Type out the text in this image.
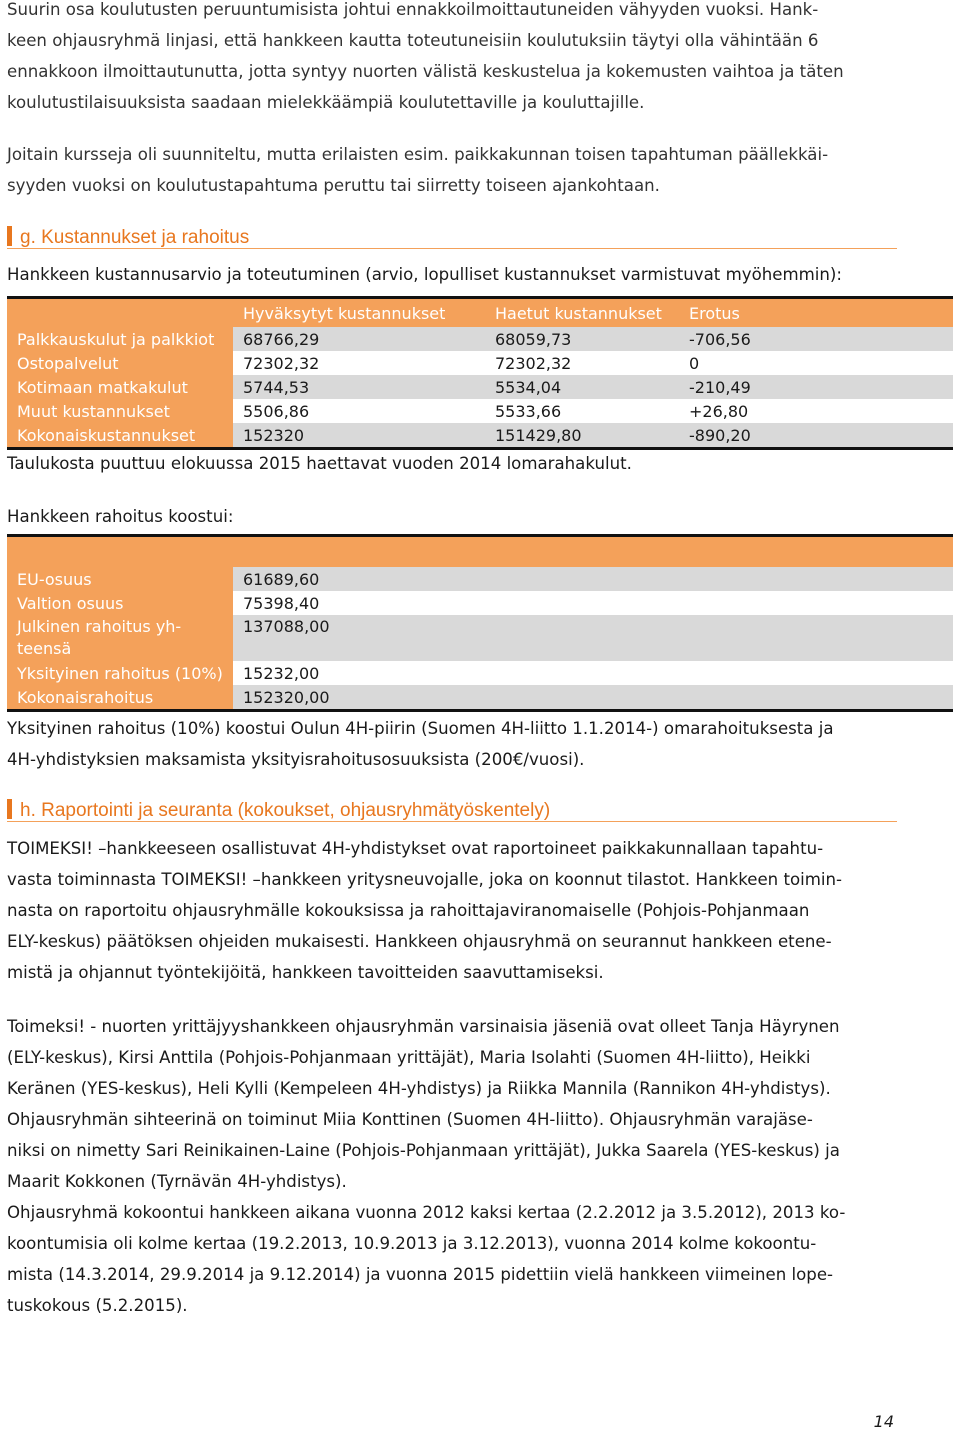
Suurin osa koulutusten peruuntumisista johtui ennakkoilmoittautuneiden vähyyden vuoksi. Hank-
keen ohjausryhmä linjasi, että hankkeen kautta toteutuneisiin koulutuksiin täytyi olla vähintään 6
ennakkoon ilmoittautunutta, jotta syntyy nuorten välistä keskustelua ja kokemusten vaihtoa ja täten
koulutustilaisuuksista saadaan mielekkäämpiä koulutettaville ja kouluttajille.
Joitain kursseja oli suunniteltu, mutta erilaisten esim. paikkakunnan toisen tapahtuman päällekkäi-
syyden vuoksi on koulutustapahtuma peruttu tai siirretty toiseen ajankohtaan.
g. Kustannukset ja rahoitus
Hankkeen kustannusarvio ja toteutuminen (arvio, lopulliset kustannukset varmistuvat myöhemmin):
	Hyväksytyt kustannukset	Haetut kustannukset	Erotus
Palkkauskulut ja palkkiot	68766,29	68059,73	-706,56
Ostopalvelut	72302,32	72302,32	0
Kotimaan matkakulut	5744,53	5534,04	-210,49
Muut kustannukset	5506,86	5533,66	+26,80
Kokonaiskustannukset	152320	151429,80	-890,20
Taulukosta puuttuu elokuussa 2015 haettavat vuoden 2014 lomarahakulut.
Hankkeen rahoitus koostui:

EU-osuus	61689,60		
Valtion osuus	75398,40		
Julkinen rahoitus yh-
teensä	137088,00		
Yksityinen rahoitus (10%)	15232,00		
Kokonaisrahoitus	152320,00		
Yksityinen rahoitus (10%) koostui Oulun 4H-piirin (Suomen 4H-liitto 1.1.2014-) omarahoituksesta ja
4H-yhdistyksien maksamista yksityisrahoitusosuuksista (200€/vuosi).
h. Raportointi ja seuranta (kokoukset, ohjausryhmätyöskentely)
TOIMEKSI! –hankkeeseen osallistuvat 4H-yhdistykset ovat raportoineet paikkakunnallaan tapahtu-
vasta toiminnasta TOIMEKSI! –hankkeen yritysneuvojalle, joka on koonnut tilastot. Hankkeen toimin-
nasta on raportoitu ohjausryhmälle kokouksissa ja rahoittajaviranomaiselle (Pohjois-Pohjanmaan
ELY-keskus) päätöksen ohjeiden mukaisesti. Hankkeen ohjausryhmä on seurannut hankkeen etene-
mistä ja ohjannut työntekijöitä, hankkeen tavoitteiden saavuttamiseksi.
Toimeksi! - nuorten yrittäjyyshankkeen ohjausryhmän varsinaisia jäseniä ovat olleet Tanja Häyrynen
(ELY-keskus), Kirsi Anttila (Pohjois-Pohjanmaan yrittäjät), Maria Isolahti (Suomen 4H-liitto), Heikki
Keränen (YES-keskus), Heli Kylli (Kempeleen 4H-yhdistys) ja Riikka Mannila (Rannikon 4H-yhdistys).
Ohjausryhmän sihteerinä on toiminut Miia Konttinen (Suomen 4H-liitto). Ohjausryhmän varajäse-
niksi on nimetty Sari Reinikainen-Laine (Pohjois-Pohjanmaan yrittäjät), Jukka Saarela (YES-keskus) ja
Maarit Kokkonen (Tyrnävän 4H-yhdistys).
Ohjausryhmä kokoontui hankkeen aikana vuonna 2012 kaksi kertaa (2.2.2012 ja 3.5.2012), 2013 ko-
koontumisia oli kolme kertaa (19.2.2013, 10.9.2013 ja 3.12.2013), vuonna 2014 kolme kokoontu-
mista (14.3.2014, 29.9.2014 ja 9.12.2014) ja vuonna 2015 pidettiin vielä hankkeen viimeinen lope-
tuskokous (5.2.2015).
14
